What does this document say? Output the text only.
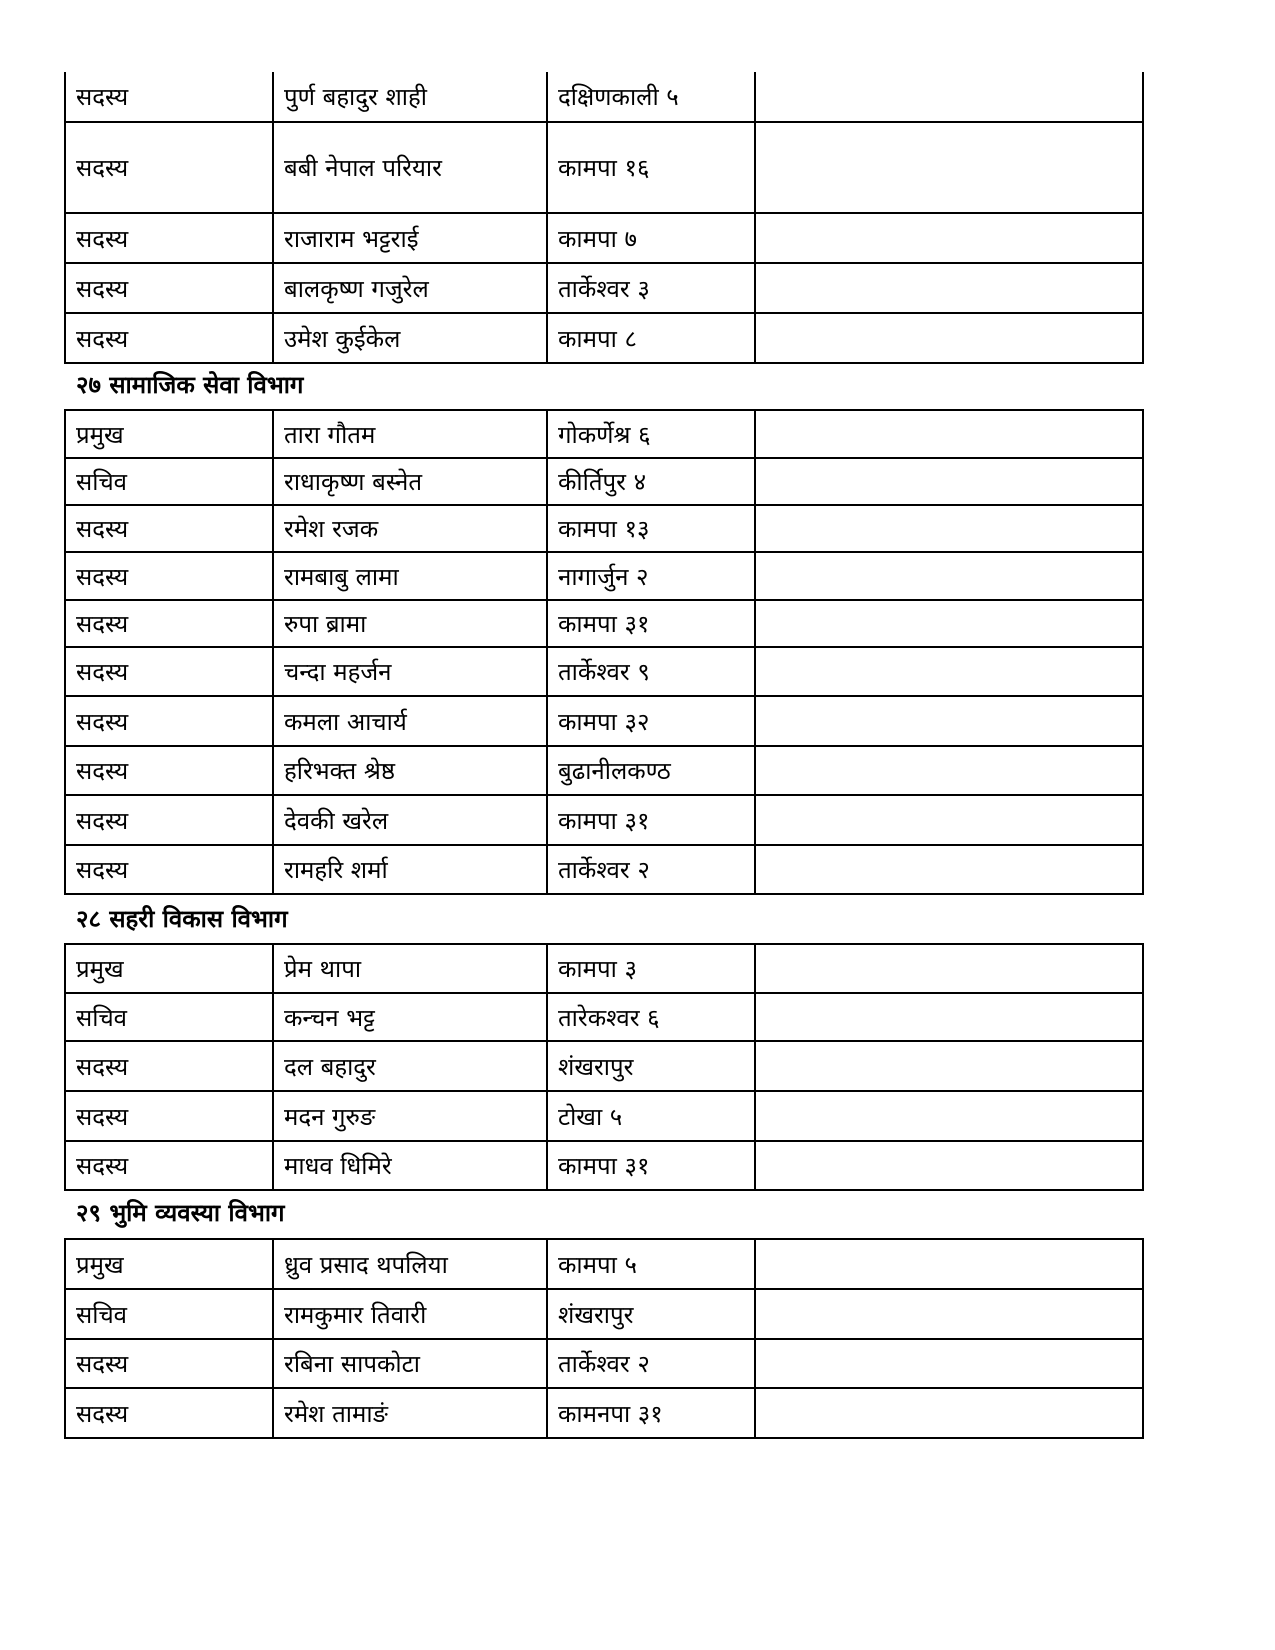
सदस्य	पुर्ण बहादुर शाही	दक्षिणकाली ५	
सदस्य	बबी नेपाल परियार	कामपा १६	
सदस्य	राजाराम भट्टराई	कामपा ७	
सदस्य	बालकृष्ण गजुरेल	तार्केश्वर ३	
सदस्य	उमेश कुईकेल	कामपा ८	
२७ सामाजिक सेवा विभाग
प्रमुख	तारा गौतम	गोकर्णेश्र ६	
सचिव	राधाकृष्ण बस्नेत	कीर्तिपुर ४	
सदस्य	रमेश रजक	कामपा १३	
सदस्य	रामबाबु लामा	नागार्जुन २	
सदस्य	रुपा ब्रामा	कामपा ३१	
सदस्य	चन्दा महर्जन	तार्केश्वर ९	
सदस्य	कमला आचार्य	कामपा ३२	
सदस्य	हरिभक्त श्रेष्ठ	बुढानीलकण्ठ	
सदस्य	देवकी खरेल	कामपा ३१	
सदस्य	रामहरि शर्मा	तार्केश्वर २	
२८ सहरी विकास विभाग
प्रमुख	प्रेम थापा	कामपा ३	
सचिव	कन्चन भट्ट	तारेकश्वर ६	
सदस्य	दल बहादुर	शंखरापुर	
सदस्य	मदन गुरुङ	टोखा ५	
सदस्य	माधव धिमिरे	कामपा ३१	
२९ भुमि व्यवस्या विभाग
प्रमुख	ध्रुव प्रसाद थपलिया	कामपा ५	
सचिव	रामकुमार तिवारी	शंखरापुर	
सदस्य	रबिना सापकोटा	तार्केश्वर २	
सदस्य	रमेश तामाङं	कामनपा ३१	
